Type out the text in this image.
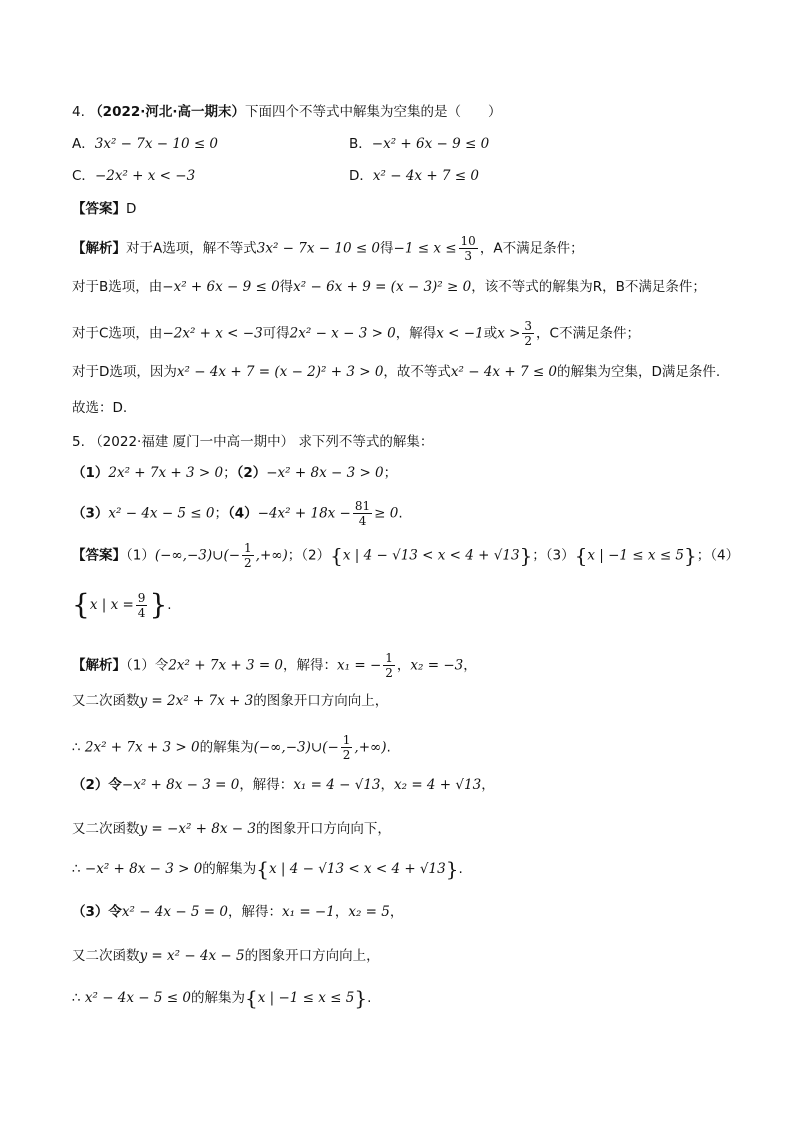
4. （2022·河北·高一期末）下面四个不等式中解集为空集的是（　　）
A．3x² − 7x − 10 ≤ 0	B．−x² + 6x − 9 ≤ 0
C．−2x² + x < −3	D．x² − 4x + 7 ≤ 0
【答案】D
【解析】对于A选项，解不等式3x² − 7x − 10 ≤ 0得$-1 \le x \le \frac{10}{3}$ ，A不满足条件；
对于B选项，由−x² + 6x − 9 ≤ 0得x² − 6x + 9 = (x − 3)² ≥ 0，该不等式的解集为R，B不满足条件；
对于C选项，由−2x² + x < −3可得2x² − x − 3 > 0，解得x < −1或$x > \frac{3}{2}$ ，C不满足条件；
对于D选项，因为x² − 4x + 7 = (x − 2)² + 3 > 0，故不等式x² − 4x + 7 ≤ 0的解集为空集，D满足条件.
故选：D.
5. （2022·福建 厦门一中高一期中） 求下列不等式的解集：
（1）2x² + 7x + 3 > 0；（2）−x² + 8x − 3 > 0；
（3）x² − 4x − 5 ≤ 0；$(4)-4x^2 + 18x - \frac{81}{4} \ge 0$.
【答案】（1）(−∞,−3)∪(− $\frac{1}{2}$ ,+∞)；（2）{x | 4 − √13 < x < 4 + √13}；（3）{x | −1 ≤ x ≤ 5}；（4）
{x | $x = \frac{9}{4}$ }.
【解析】（1）令2x² + 7x + 3 = 0，解得：x₁ = − $\frac{1}{2}$ ，x₂ = −3，
又二次函数y = 2x² + 7x + 3的图象开口方向向上，
∴ 2x² + 7x + 3 > 0的解集为(−∞,−3)∪(− $\frac{1}{2}$ ,+∞).
（2）令−x² + 8x − 3 = 0，解得：x₁ = 4 − √13，x₂ = 4 + √13，
又二次函数y = −x² + 8x − 3的图象开口方向向下，
∴ −x² + 8x − 3 > 0的解集为{x | 4 − √13 < x < 4 + √13}.
（3）令x² − 4x − 5 = 0，解得：x₁ = −1，x₂ = 5，
又二次函数y = x² − 4x − 5的图象开口方向向上，
∴ x² − 4x − 5 ≤ 0的解集为{x | −1 ≤ x ≤ 5}.
